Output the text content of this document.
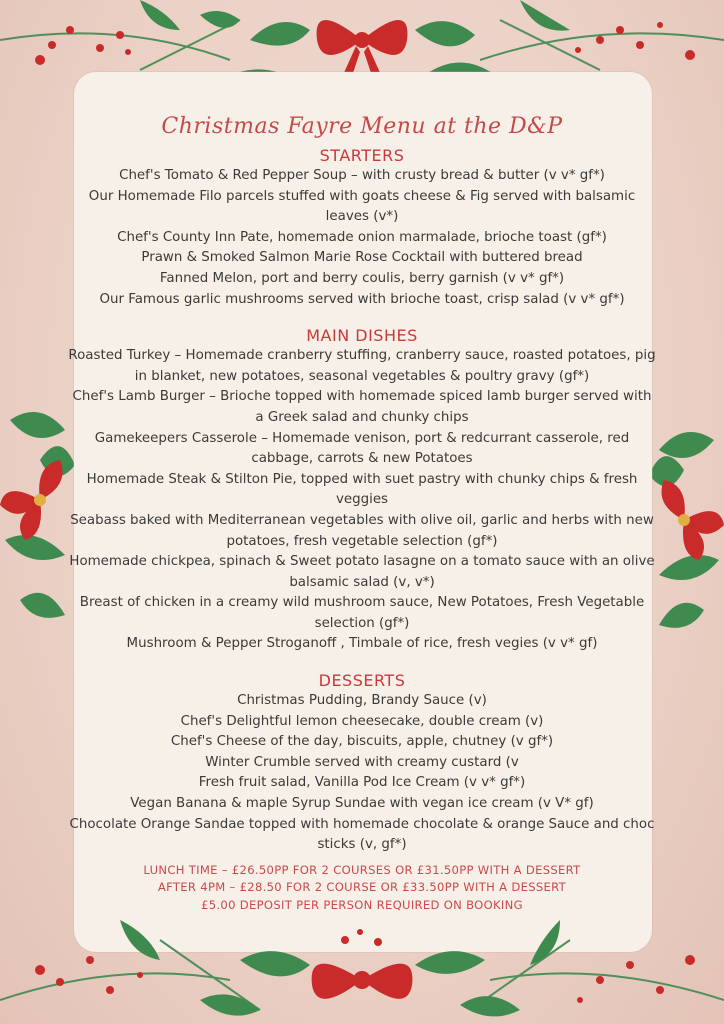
Christmas Fayre Menu at the D&P
STARTERS
Chef's Tomato & Red Pepper Soup – with crusty bread & butter (v v* gf*)
Our Homemade Filo parcels stuffed with goats cheese & Fig served with balsamic leaves (v*)
Chef's County Inn Pate, homemade onion marmalade, brioche toast (gf*)
Prawn & Smoked Salmon Marie Rose Cocktail with buttered bread
Fanned Melon, port and berry coulis, berry garnish (v v* gf*)
Our Famous garlic mushrooms served with brioche toast, crisp salad (v v* gf*)
MAIN DISHES
Roasted Turkey – Homemade cranberry stuffing, cranberry sauce, roasted potatoes, pig in blanket, new potatoes, seasonal vegetables & poultry gravy (gf*)
Chef's Lamb Burger – Brioche topped with homemade spiced lamb burger served with a Greek salad and chunky chips
Gamekeepers Casserole – Homemade venison, port & redcurrant casserole, red cabbage, carrots & new Potatoes
Homemade Steak & Stilton Pie, topped with suet pastry with chunky chips & fresh veggies
Seabass baked with Mediterranean vegetables with olive oil, garlic and herbs with new potatoes, fresh vegetable selection (gf*)
Homemade chickpea, spinach & Sweet potato lasagne on a tomato sauce with an olive balsamic salad (v, v*)
Breast of chicken in a creamy wild mushroom sauce, New Potatoes, Fresh Vegetable selection (gf*)
Mushroom & Pepper Stroganoff , Timbale of rice, fresh vegies (v v* gf)
DESSERTS
Christmas Pudding, Brandy Sauce (v)
Chef's Delightful lemon cheesecake, double cream (v)
Chef's Cheese of the day, biscuits, apple, chutney (v gf*)
Winter Crumble served with creamy custard (v
Fresh fruit salad, Vanilla Pod Ice Cream (v v* gf*)
Vegan Banana & maple Syrup Sundae with vegan ice cream (v V* gf)
Chocolate Orange Sandae topped with homemade chocolate & orange Sauce and choc sticks (v, gf*)
LUNCH TIME – £26.50PP FOR 2 COURSES OR £31.50PP WITH A DESSERT
AFTER 4PM – £28.50 FOR 2 COURSE OR £33.50PP WITH A DESSERT
£5.00 DEPOSIT PER PERSON REQUIRED ON BOOKING
